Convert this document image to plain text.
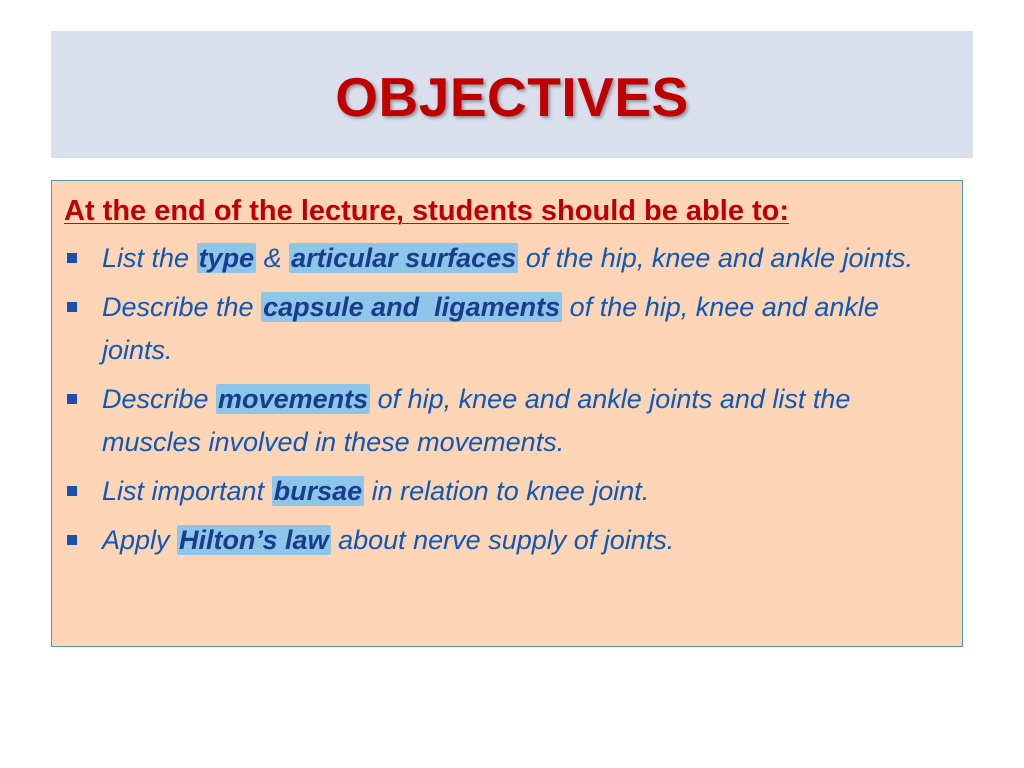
OBJECTIVES
At the end of the lecture, students should be able to:
List the type & articular surfaces of the hip, knee and ankle joints.
Describe the capsule and  ligaments of the hip, knee and ankle joints.
Describe movements of hip, knee and ankle joints and list the muscles involved in these movements.
List important bursae in relation to knee joint.
Apply Hilton’s law about nerve supply of joints.
